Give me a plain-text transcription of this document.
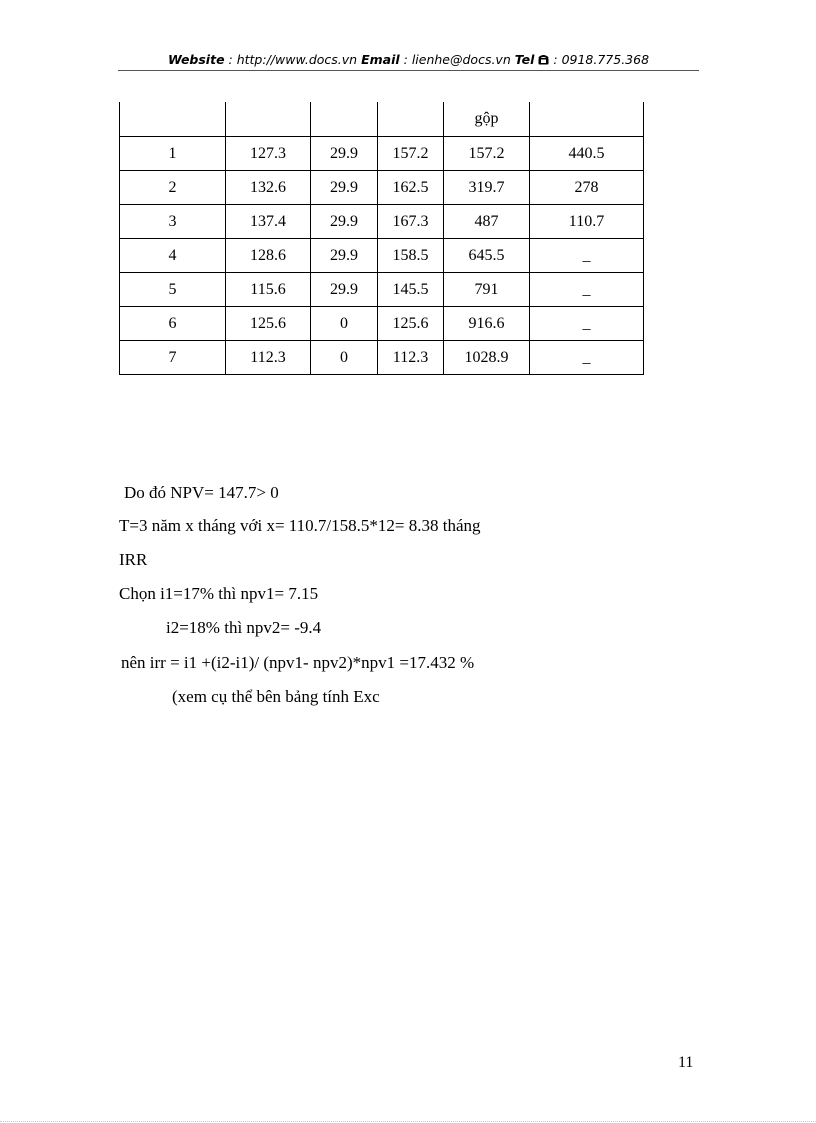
Website : http://www.docs.vn Email : lienhe@docs.vn Tel  : 0918.775.368
				gộp	
1	127.3	29.9	157.2	157.2	440.5
2	132.6	29.9	162.5	319.7	278
3	137.4	29.9	167.3	487	110.7
4	128.6	29.9	158.5	645.5	_
5	115.6	29.9	145.5	791	_
6	125.6	0	125.6	916.6	_
7	112.3	0	112.3	1028.9	_
Do đó NPV= 147.7> 0
T=3 năm x tháng với x= 110.7/158.5*12= 8.38 tháng
IRR
Chọn i1=17% thì npv1= 7.15
i2=18% thì npv2= -9.4
nên irr = i1 +(i2-i1)/ (npv1- npv2)*npv1 =17.432 %
(xem cụ thể bên bảng tính Exc
11
